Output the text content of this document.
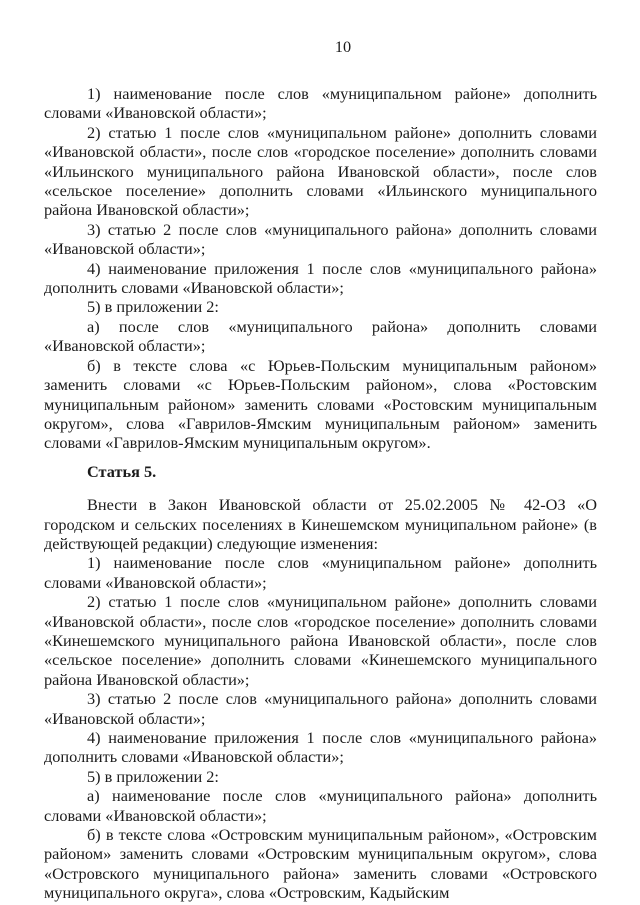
10

1) наименование после слов «муниципальном районе» дополнить словами «Ивановской области»;

2) статью 1 после слов «муниципальном районе» дополнить словами «Ивановской области», после слов «городское поселение» дополнить словами «Ильинского муниципального района Ивановской области», после слов «сельское поселение» дополнить словами «Ильинского муниципального района Ивановской области»;

3) статью 2 после слов «муниципального района» дополнить словами «Ивановской области»;

4) наименование приложения 1 после слов «муниципального района» дополнить словами «Ивановской области»;

5) в приложении 2:

а) после слов «муниципального района» дополнить словами «Ивановской области»;

б) в тексте слова «с Юрьев-Польским муниципальным районом» заменить словами «с Юрьев-Польским районом», слова «Ростовским муниципальным районом» заменить словами «Ростовским муниципальным округом», слова «Гаврилов-Ямским муниципальным районом» заменить словами «Гаврилов-Ямским муниципальным округом».

Статья 5.

Внести в Закон Ивановской области от 25.02.2005 № 42-ОЗ «О городском и сельских поселениях в Кинешемском муниципальном районе» (в действующей редакции) следующие изменения:

1) наименование после слов «муниципальном районе» дополнить словами «Ивановской области»;

2) статью 1 после слов «муниципальном районе» дополнить словами «Ивановской области», после слов «городское поселение» дополнить словами «Кинешемского муниципального района Ивановской области», после слов «сельское поселение» дополнить словами «Кинешемского муниципального района Ивановской области»;

3) статью 2 после слов «муниципального района» дополнить словами «Ивановской области»;

4) наименование приложения 1 после слов «муниципального района» дополнить словами «Ивановской области»;

5) в приложении 2:

а) наименование после слов «муниципального района» дополнить словами «Ивановской области»;

б) в тексте слова «Островским муниципальным районом», «Островским районом» заменить словами «Островским муниципальным округом», слова «Островского муниципального района» заменить словами «Островского муниципального округа», слова «Островским, Кадыйским
